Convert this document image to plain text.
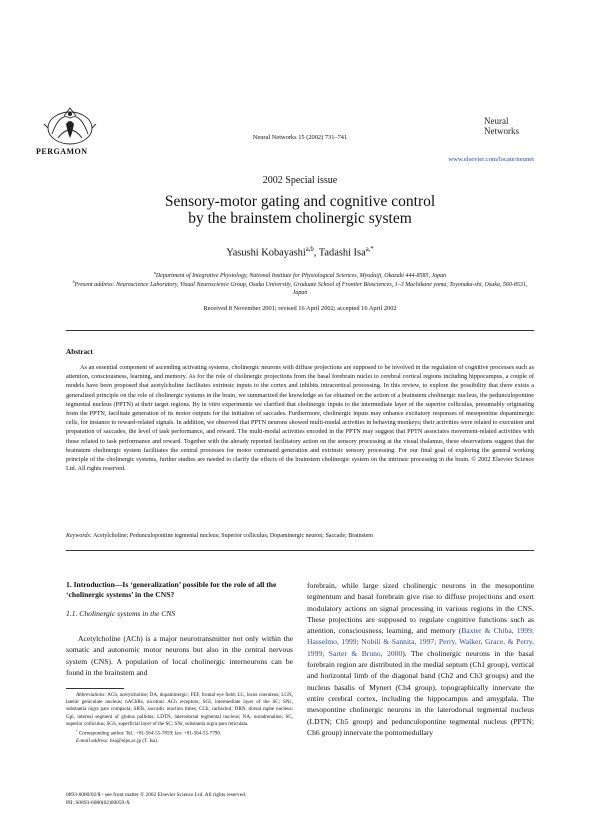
PERGAMON
Neural Networks 15 (2002) 731–741
Neural
Networks
www.elsevier.com/locate/neunet
2002 Special issue
Sensory-motor gating and cognitive control
by the brainstem cholinergic system
Yasushi Kobayashi$^{a,b}$, Tadashi Isa$^{a,*}$
$^a$Department of Integrative Physiology, National Institute for Physiological Sciences, Myodaiji, Okazaki 444-8585, Japan
$^b$Present address: Neuroscience Laboratory, Visual Neuroscience Group, Osaka University, Graduate School of Frontier Biosciences, 1–3 Machikane yama, Toyonaka-shi, Osaka, 560-8531, Japan
Received 8 November 2001; revised 16 April 2002; accepted 16 April 2002
Abstract
As an essential component of ascending activating systems, cholinergic neurons with diffuse projections are supposed to be involved in the regulation of cognitive processes such as attention, consciousness, learning, and memory. As for the role of cholinergic projections from the basal forebrain nuclei to cerebral cortical regions including hippocampus, a couple of models have been proposed that acetylcholine facilitates extrinsic inputs to the cortex and inhibits intracortical processing. In this review, to explore the possibility that there exists a generalized principle on the role of cholinergic systems in the brain, we summarized the knowledge so far obtained on the action of a brainstem cholinergic nucleus, the pedunculopontine tegmental nucleus (PPTN) at their target regions. By in vitro experiments we clarified that cholinergic inputs to the intermediate layer of the superior colliculus, presumably originating from the PPTN, facilitate generation of its motor outputs for the initiation of saccades. Furthermore, cholinergic inputs may enhance excitatory responses of mesopontine dopaminergic cells, for instance to reward-related signals. In addition, we observed that PPTN neurons showed multi-modal activities in behaving monkeys; their activities were related to execution and preparation of saccades, the level of task performance, and reward. The multi-modal activities encoded in the PPTN may suggest that PPTN associates movement-related activities with those related to task performance and reward. Together with the already reported facilitatory action on the sensory processing at the visual thalamus, these observations suggest that the brainstem cholinergic system facilitates the central processes for motor command generation and extrinsic sensory processing. For our final goal of exploring the general working principle of the cholinergic systems, further studies are needed to clarify the effects of the brainstem cholinergic system on the intrinsic processing in the brain. © 2002 Elsevier Science Ltd. All rights reserved.
Keywords: Acetylcholine; Pedunculopontine tegmental nucleus; Superior colliculus; Dopaminergic neuron; Saccade; Brainstem
1. Introduction—Is ‘generalization’ possible for the role of all the ‘cholinergic systems’ in the CNS?
1.1. Cholinergic systems in the CNS
Acetylcholine (ACh) is a major neurotransmitter not only within the somatic and autonomic motor neurons but also in the central nervous system (CNS). A population of local cholinergic interneurons can be found in the brainstem and
Abbreviations: ACh, acetylcholine; DA, dopaminergic; FEF, frontal eye field; LC, locus coeruleus; LGN, lateral geniculate nucleus; nAChRs, nicotinic ACh receptors; SGI, intermediate layer of the SC; SNc, substantia nigra pars compacta; SRTs, saccadic reaction times; CCh, carbachol; DRN, dorsal raphe nucleus; Gpi, internal segment of globus pallidus; LDTN, laterodorsal tegmental nucleus; NA, noradrenaline; SC, superior colliculus; SGS, superficial layer of the SC; SNr, substantia nigra pars reticulata.
* Corresponding author. Tel.: +81-564-55-7859; fax: +81-564-55-7790.
E-mail address: tisa@nips.ac.jp (T. Isa).
forebrain, while large sized cholinergic neurons in the mesopontine tegmentum and basal forebrain give rise to diffuse projections and exert modulatory actions on signal processing in various regions in the CNS. These projections are supposed to regulate cognitive functions such as attention, consciousness, learning, and memory (Baxter & Chiba, 1999; Hasselmo, 1999; Nobili & Sannita, 1997; Perry, Walker, Grace, & Perry, 1999; Sarter & Bruno, 2000). The cholinergic neurons in the basal forebrain region are distributed in the medial septum (Ch1 group), vertical and horizontal limb of the diagonal band (Ch2 and Ch3 groups) and the nucleus basalis of Mynert (Ch4 group), topographically innervate the entire cerebral cortex, including the hippocampus and amygdala. The mesopontine cholinergic neurons in the laterodorsal tegmental nucleus (LDTN; Ch5 group) and pedunculopontine tegmental nucleus (PPTN; Ch6 group) innervate the pontomedullary
0893-6080/02/$ - see front matter © 2002 Elsevier Science Ltd. All rights reserved.
PII: S0893-6080(02)00059-X
